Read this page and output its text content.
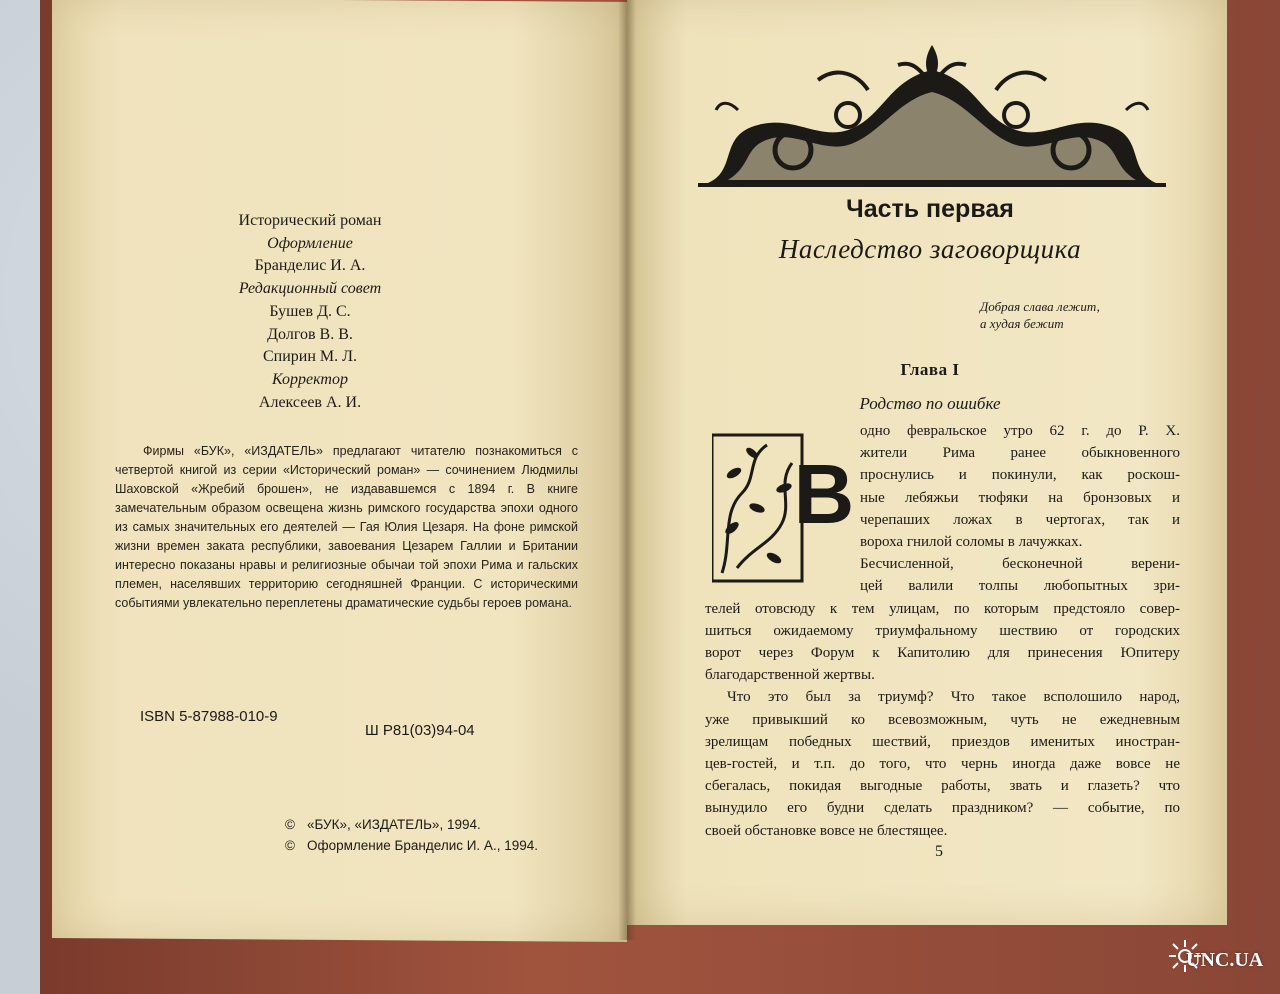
Исторический роман
Оформление
Бранделис И. А.
Редакционный совет
Бушев Д. С.
Долгов В. В.
Спирин М. Л.
Корректор
Алексеев А. И.

Фирмы «БУК», «ИЗДАТЕЛЬ» предлагают читателю познакомиться с четвертой книгой из серии «Исторический роман» — сочинением Людмилы Шаховской «Жребий брошен», не издававшемся с 1894 г. В книге замечательным образом освещена жизнь римского государства эпохи одного из самых значительных его деятелей — Гая Юлия Цезаря. На фоне римской жизни времен заката республики, завоевания Цезарем Галлии и Британии интересно показаны нравы и религиозные обычаи той эпохи Рима и гальских племен, населявших территорию сегодняшней Франции. С историческими событиями увлекательно переплетены драматические судьбы героев романа.

ISBN 5-87988-010-9
Ш Р81(03)94-04
© «БУК», «ИЗДАТЕЛЬ», 1994.
© Оформление Бранделис И. А., 1994.
Часть первая
Наследство заговорщика
Добрая слава лежит,
а худая бежит
Глава I
Родство по ошибке
В
одно февральское утро 62 г. до Р. Х.
жители Рима ранее обыкновенного
проснулись и покинули, как роскош-
ные лебяжьи тюфяки на бронзовых и
черепаших ложах в чертогах, так и
вороха гнилой соломы в лачужках.
Бесчисленной, бесконечной верени-
цей валили толпы любопытных зри-
телей отовсюду к тем улицам, по которым предстояло совер-
шиться ожидаемому триумфальному шествию от городских
ворот через Форум к Капитолию для принесения Юпитеру
благодарственной жертвы.
Что это был за триумф? Что такое всполошило народ,
уже привыкший ко всевозможным, чуть не ежедневным
зрелищам победных шествий, приездов именитых иностран-
цев-гостей, и т.п. до того, что чернь иногда даже вовсе не
сбегалась, покидая выгодные работы, звать и глазеть? что
вынудило его будни сделать праздником? — событие, по
своей обстановке вовсе не блестящее.
5
UNC.UA
